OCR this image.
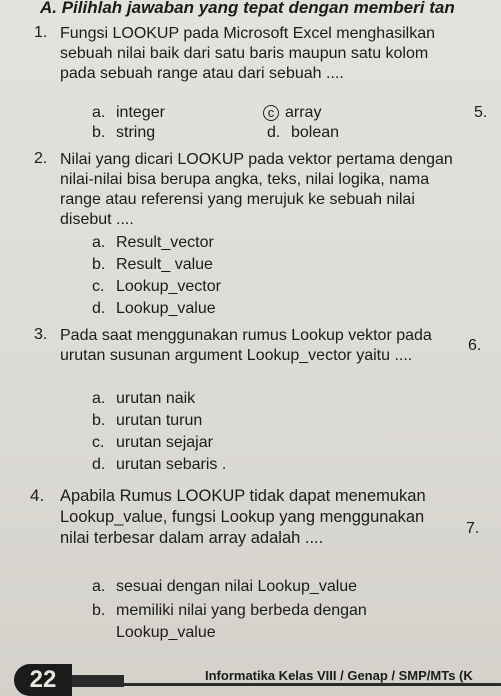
A. Pilihlah jawaban yang tepat dengan memberi tan
1. Fungsi LOOKUP pada Microsoft Excel menghasilkan sebuah nilai baik dari satu baris maupun satu kolom pada sebuah range atau dari sebuah ....
a. integer	c array
b. string	d. bolean
2. Nilai yang dicari LOOKUP pada vektor pertama dengan nilai-nilai bisa berupa angka, teks, nilai logika, nama range atau referensi yang merujuk ke sebuah nilai disebut ....
a. Result_vector
b. Result_ value
c. Lookup_vector
d. Lookup_value
3. Pada saat menggunakan rumus Lookup vektor pada urutan susunan argument Lookup_vector yaitu ....
a. urutan naik
b. urutan turun
c. urutan sejajar
d. urutan sebaris .
4. Apabila Rumus LOOKUP tidak dapat menemukan Lookup_value, fungsi Lookup yang menggunakan nilai terbesar dalam array adalah ....
a. sesuai dengan nilai Lookup_value
b. memiliki nilai yang berbeda dengan Lookup_value
5.
6.
7.
22	Informatika Kelas VIII / Genap / SMP/MTs (K
